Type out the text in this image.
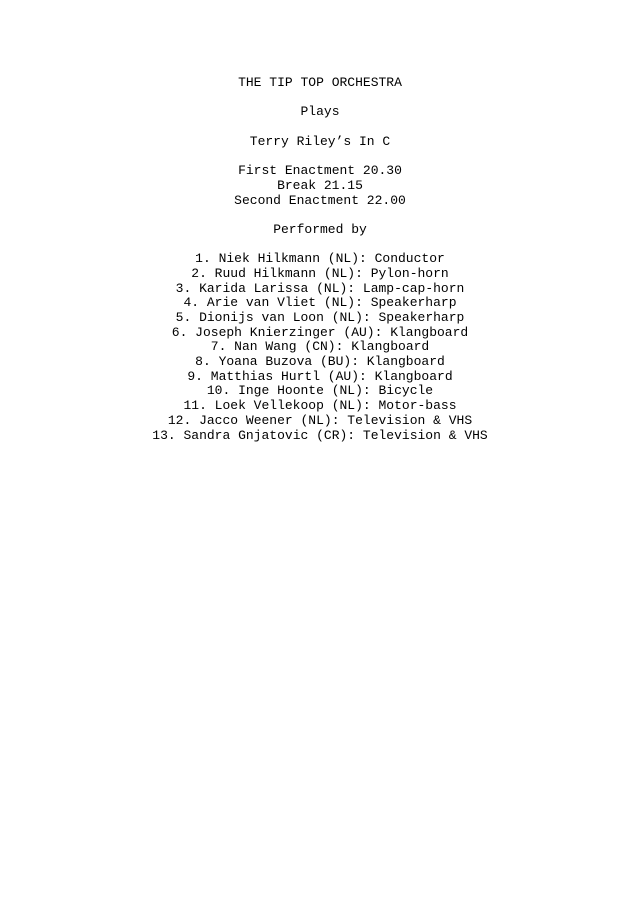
THE TIP TOP ORCHESTRA
Plays
Terry Riley’s In C
First Enactment 20.30
Break 21.15
Second Enactment 22.00
Performed by
1. Niek Hilkmann (NL): Conductor
2. Ruud Hilkmann (NL): Pylon-horn
3. Karida Larissa (NL): Lamp-cap-horn
4. Arie van Vliet (NL): Speakerharp
5. Dionijs van Loon (NL): Speakerharp
6. Joseph Knierzinger (AU): Klangboard
7. Nan Wang (CN): Klangboard
8. Yoana Buzova (BU): Klangboard
9. Matthias Hurtl (AU): Klangboard
10. Inge Hoonte (NL): Bicycle
11. Loek Vellekoop (NL): Motor-bass
12. Jacco Weener (NL): Television & VHS
13. Sandra Gnjatovic (CR): Television & VHS
